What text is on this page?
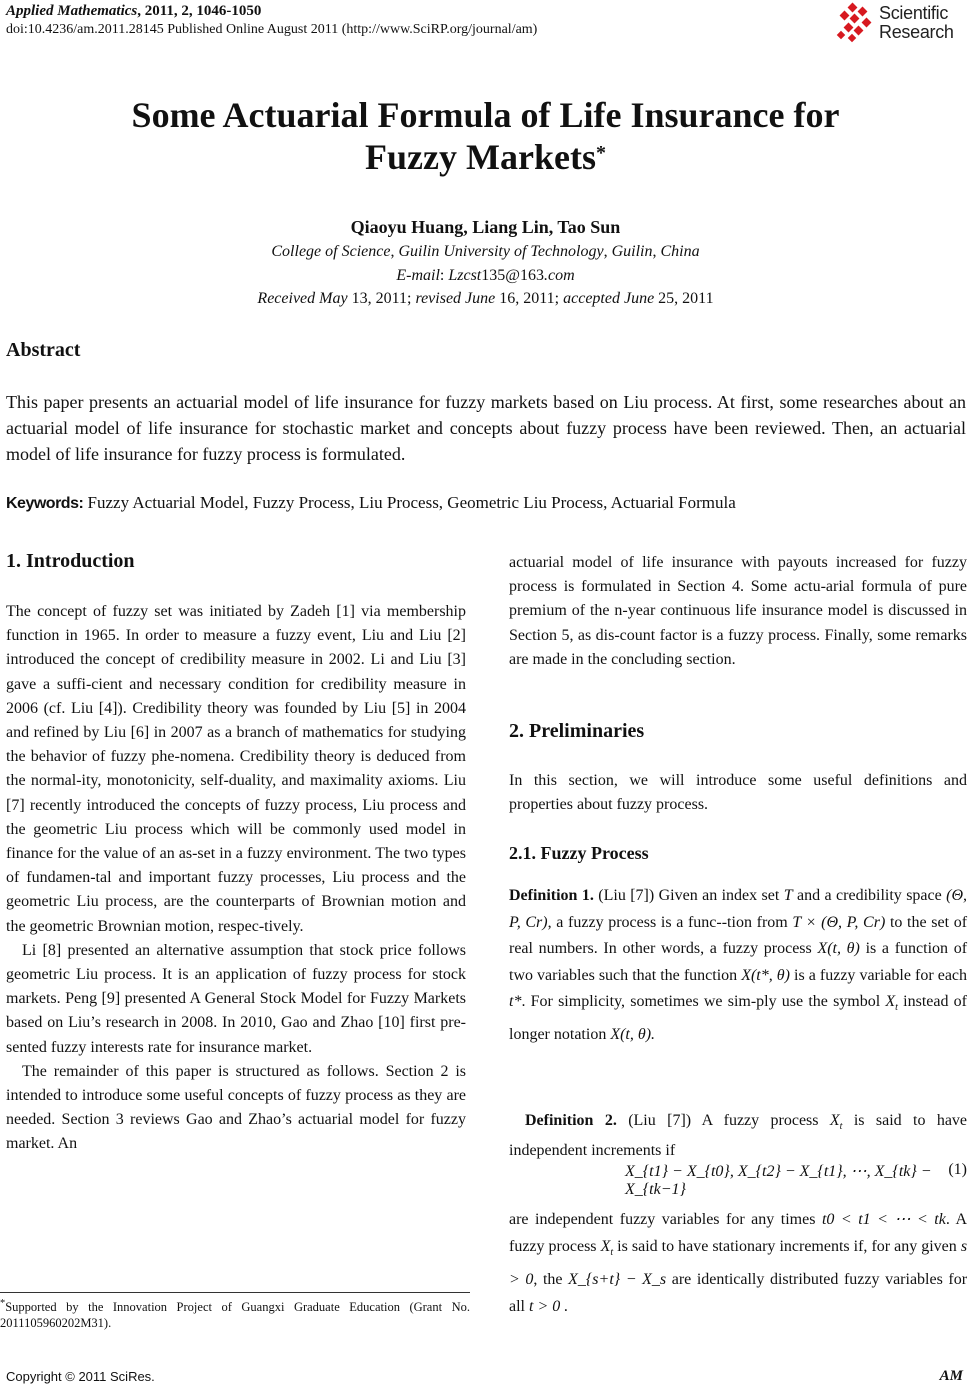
Applied Mathematics, 2011, 2, 1046-1050
doi:10.4236/am.2011.28145 Published Online August 2011 (http://www.SciRP.org/journal/am)
Scientific
Research
Some Actuarial Formula of Life Insurance for
Fuzzy Markets*
Qiaoyu Huang, Liang Lin, Tao Sun
College of Science, Guilin University of Technology, Guilin, China
E-mail: Lzcst135@163.com
Received May 13, 2011; revised June 16, 2011; accepted June 25, 2011
Abstract
This paper presents an actuarial model of life insurance for fuzzy markets based on Liu process. At first, some researches about an actuarial model of life insurance for stochastic market and concepts about fuzzy process have been reviewed. Then, an actuarial model of life insurance for fuzzy process is formulated.
Keywords: Fuzzy Actuarial Model, Fuzzy Process, Liu Process, Geometric Liu Process, Actuarial Formula
1. Introduction
The concept of fuzzy set was initiated by Zadeh [1] via membership function in 1965. In order to measure a fuzzy event, Liu and Liu [2] introduced the concept of credibility measure in 2002. Li and Liu [3] gave a suffi-cient and necessary condition for credibility measure in 2006 (cf. Liu [4]). Credibility theory was founded by Liu [5] in 2004 and refined by Liu [6] in 2007 as a branch of mathematics for studying the behavior of fuzzy phe-nomena. Credibility theory is deduced from the normal-ity, monotonicity, self-duality, and maximality axioms. Liu [7] recently introduced the concepts of fuzzy process, Liu process and the geometric Liu process which will be commonly used model in finance for the value of an as-set in a fuzzy environment. The two types of fundamen-tal and important fuzzy processes, Liu process and the geometric Liu process, are the counterparts of Brownian motion and the geometric Brownian motion, respec-tively.
Li [8] presented an alternative assumption that stock price follows geometric Liu process. It is an application of fuzzy process for stock markets. Peng [9] presented A General Stock Model for Fuzzy Markets based on Liu’s research in 2008. In 2010, Gao and Zhao [10] first pre-sented fuzzy interests rate for insurance market.
The remainder of this paper is structured as follows. Section 2 is intended to introduce some useful concepts of fuzzy process as they are needed. Section 3 reviews Gao and Zhao’s actuarial model for fuzzy market. An
*Supported by the Innovation Project of Guangxi Graduate Education (Grant No. 2011105960202M31).
actuarial model of life insurance with payouts increased for fuzzy process is formulated in Section 4. Some actu-arial formula of pure premium of the n-year continuous life insurance model is discussed in Section 5, as dis-count factor is a fuzzy process. Finally, some remarks are made in the concluding section.
2. Preliminaries
In this section, we will introduce some useful definitions and properties about fuzzy process.
2.1. Fuzzy Process
Definition 1. (Liu [7]) Given an index set T and a credibility space (Θ, P, Cr), a fuzzy process is a func--tion from T × (Θ, P, Cr) to the set of real numbers. In other words, a fuzzy process X(t, θ) is a function of two variables such that the function X(t*, θ) is a fuzzy variable for each t*. For simplicity, sometimes we sim-ply use the symbol $X_t$ instead of longer notation X(t, θ).
Definition 2. (Liu [7]) A fuzzy process $X_t$ is said to have independent increments if
X_{t1} − X_{t0}, X_{t2} − X_{t1}, ⋯, X_{tk} − X_{tk−1}
(1)
are independent fuzzy variables for any times t0 < t1 < ⋯ < tk. A fuzzy process $X_t$ is said to have stationary increments if, for any given s > 0, the X_{s+t} − X_s are identically distributed fuzzy variables for all t > 0 .
Copyright © 2011 SciRes.	AM
